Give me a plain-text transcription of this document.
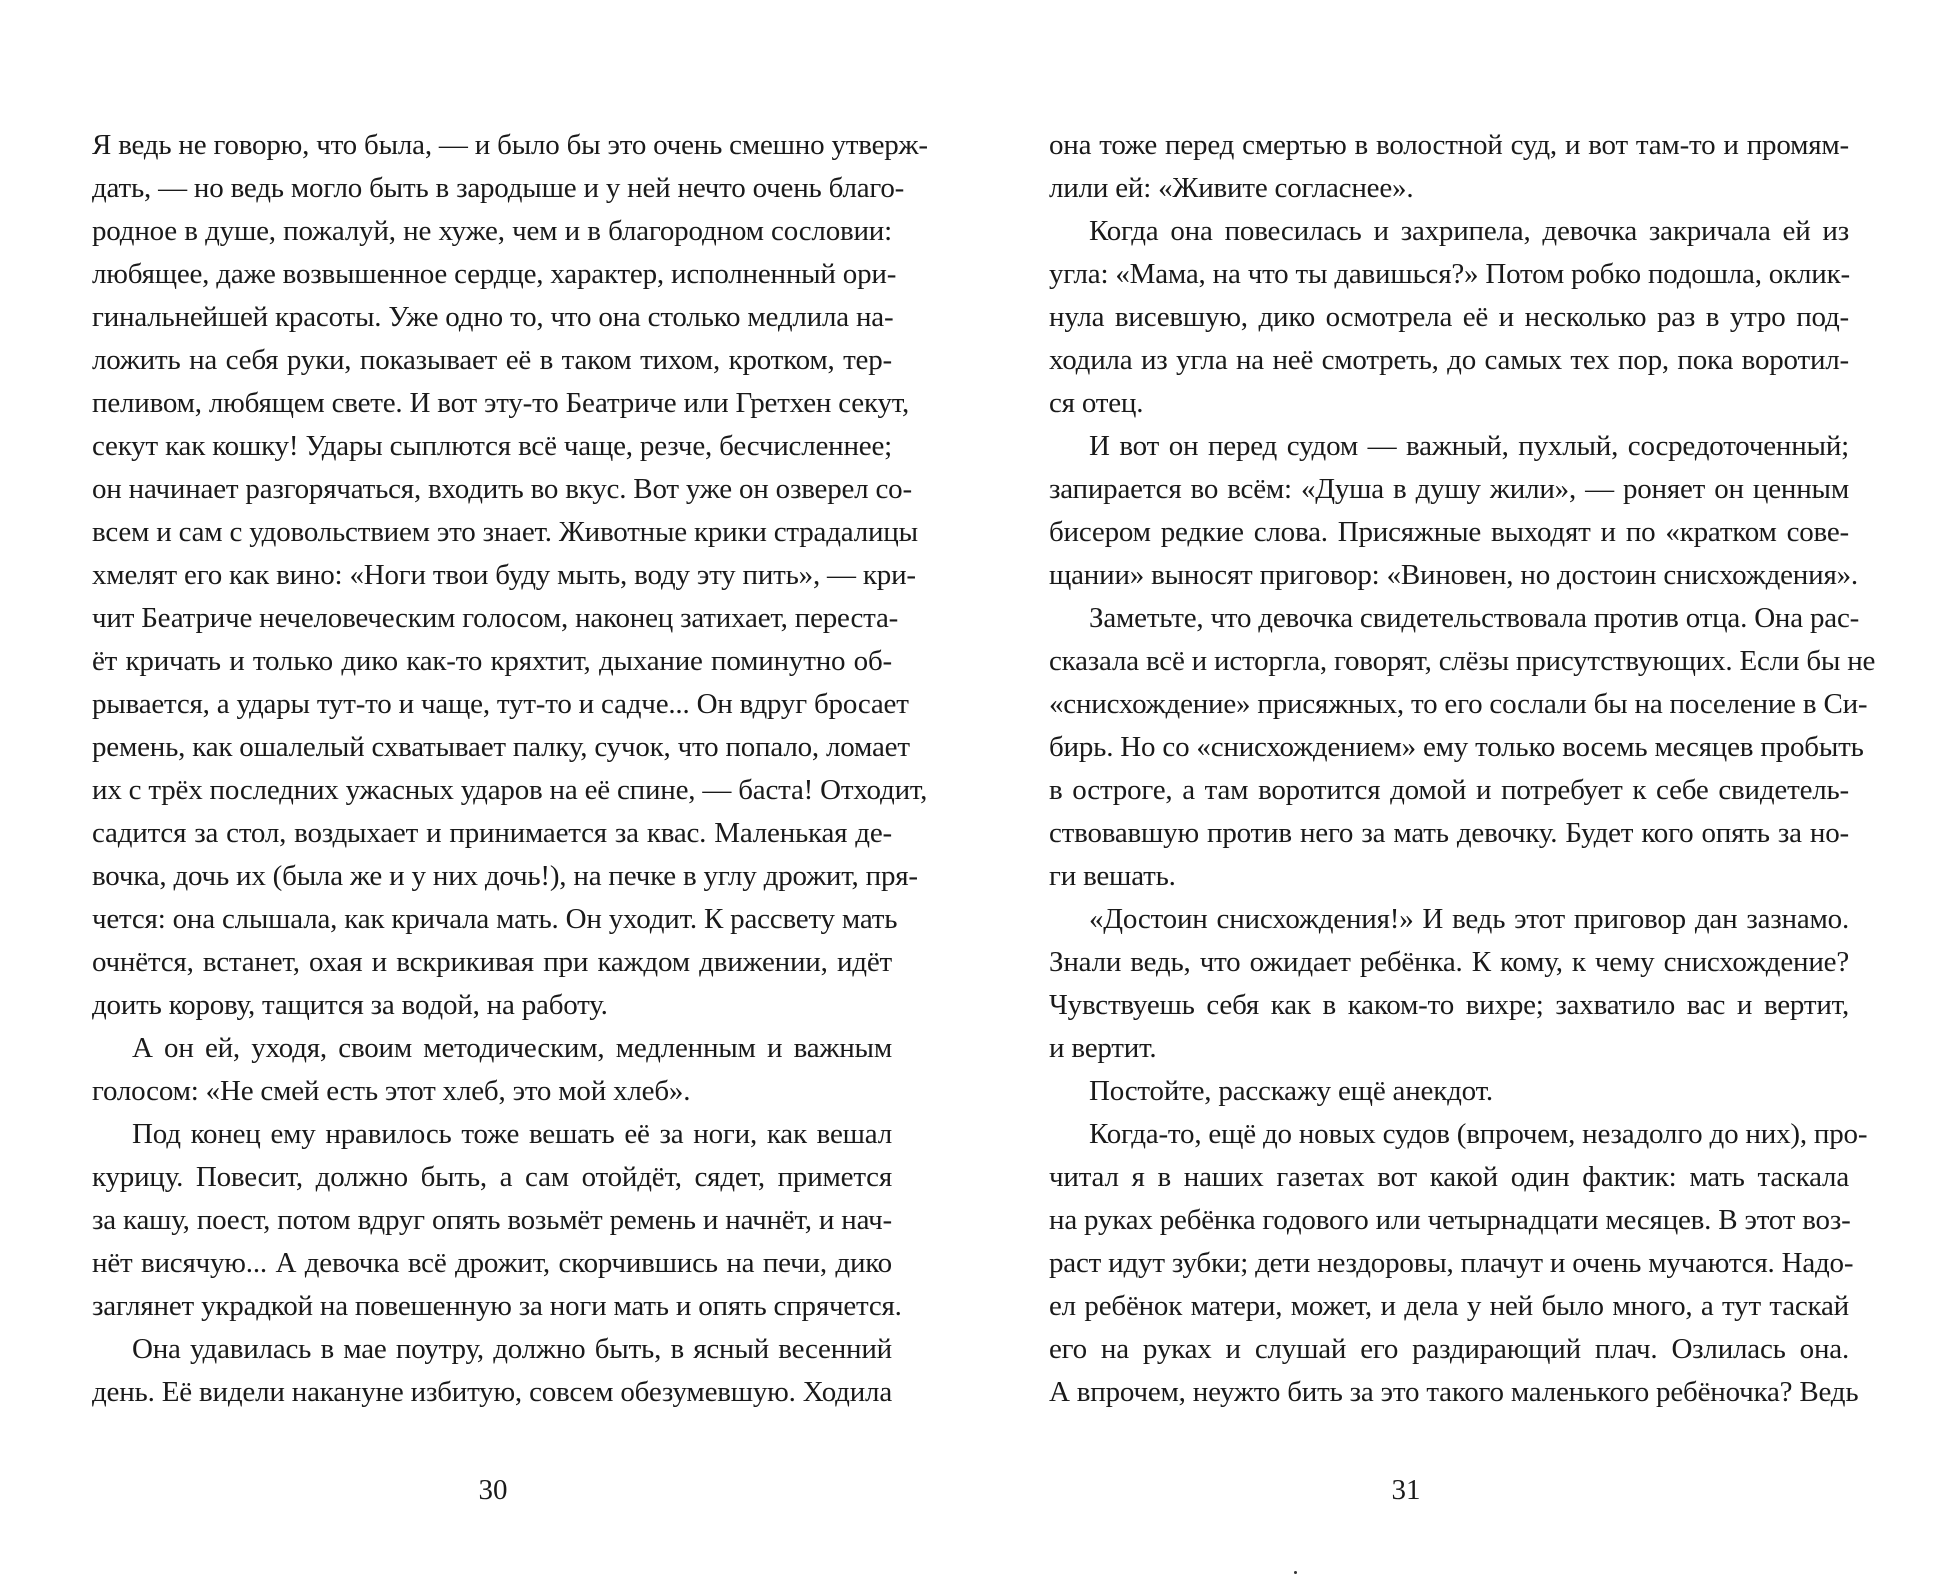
Я ведь не говорю, что была, — и было бы это очень смешно утверж-
дать, — но ведь могло быть в зародыше и у ней нечто очень благо-
родное в душе, пожалуй, не хуже, чем и в благородном сословии:
любящее, даже возвышенное сердце, характер, исполненный ори-
гинальнейшей красоты. Уже одно то, что она столько медлила на-
ложить на себя руки, показывает её в таком тихом, кротком, тер-
пеливом, любящем свете. И вот эту-то Беатриче или Гретхен секут,
секут как кошку! Удары сыплются всё чаще, резче, бесчисленнее;
он начинает разгорячаться, входить во вкус. Вот уже он озверел со-
всем и сам с удовольствием это знает. Животные крики страдалицы
хмелят его как вино: «Ноги твои буду мыть, воду эту пить», — кри-
чит Беатриче нечеловеческим голосом, наконец затихает, переста-
ёт кричать и только дико как-то кряхтит, дыхание поминутно об-
рывается, а удары тут-то и чаще, тут-то и садче... Он вдруг бросает
ремень, как ошалелый схватывает палку, сучок, что попало, ломает
их с трёх последних ужасных ударов на её спине, — баста! Отходит,
садится за стол, воздыхает и принимается за квас. Маленькая де-
вочка, дочь их (была же и у них дочь!), на печке в углу дрожит, пря-
чется: она слышала, как кричала мать. Он уходит. К рассвету мать
очнётся, встанет, охая и вскрикивая при каждом движении, идёт
доить корову, тащится за водой, на работу.
А он ей, уходя, своим методическим, медленным и важным
голосом: «Не смей есть этот хлеб, это мой хлеб».
Под конец ему нравилось тоже вешать её за ноги, как вешал
курицу. Повесит, должно быть, а сам отойдёт, сядет, примется
за кашу, поест, потом вдруг опять возьмёт ремень и начнёт, и нач-
нёт висячую... А девочка всё дрожит, скорчившись на печи, дико
заглянет украдкой на повешенную за ноги мать и опять спрячется.
Она удавилась в мае поутру, должно быть, в ясный весенний
день. Её видели накануне избитую, совсем обезумевшую. Ходила
30
она тоже перед смертью в волостной суд, и вот там-то и промям-
лили ей: «Живите согласнее».
Когда она повесилась и захрипела, девочка закричала ей из
угла: «Мама, на что ты давишься?» Потом робко подошла, оклик-
нула висевшую, дико осмотрела её и несколько раз в утро под-
ходила из угла на неё смотреть, до самых тех пор, пока воротил-
ся отец.
И вот он перед судом — важный, пухлый, сосредоточенный;
запирается во всём: «Душа в душу жили», — роняет он ценным
бисером редкие слова. Присяжные выходят и по «кратком сове-
щании» выносят приговор: «Виновен, но достоин снисхождения».
Заметьте, что девочка свидетельствовала против отца. Она рас-
сказала всё и исторгла, говорят, слёзы присутствующих. Если бы не
«снисхождение» присяжных, то его сослали бы на поселение в Си-
бирь. Но со «снисхождением» ему только восемь месяцев пробыть
в остроге, а там воротится домой и потребует к себе свидетель-
ствовавшую против него за мать девочку. Будет кого опять за но-
ги вешать.
«Достоин снисхождения!» И ведь этот приговор дан зазнамо.
Знали ведь, что ожидает ребёнка. К кому, к чему снисхождение?
Чувствуешь себя как в каком-то вихре; захватило вас и вертит,
и вертит.
Постойте, расскажу ещё анекдот.
Когда-то, ещё до новых судов (впрочем, незадолго до них), про-
читал я в наших газетах вот какой один фактик: мать таскала
на руках ребёнка годового или четырнадцати месяцев. В этот воз-
раст идут зубки; дети нездоровы, плачут и очень мучаются. Надо-
ел ребёнок матери, может, и дела у ней было много, а тут таскай
его на руках и слушай его раздирающий плач. Озлилась она.
А впрочем, неужто бить за это такого маленького ребёночка? Ведь
31
